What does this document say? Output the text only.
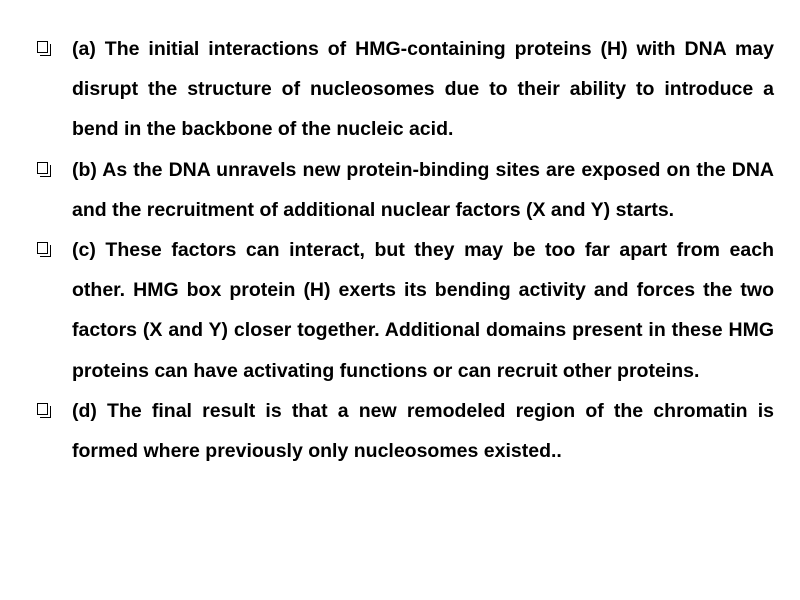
(a) The initial interactions of HMG-containing proteins (H) with DNA may disrupt the structure of nucleosomes due to their ability to introduce a bend in the backbone of the nucleic acid.
(b) As the DNA unravels new protein-binding sites are exposed on the DNA and the recruitment of additional nuclear factors (X and Y) starts.
(c) These factors can interact, but they may be too far apart from each other. HMG box protein (H) exerts its bending activity and forces the two factors (X and Y) closer together. Additional domains present in these HMG proteins can have activating functions or can recruit other proteins.
(d) The final result is that a new remodeled region of the chromatin is formed where previously only nucleosomes existed..
